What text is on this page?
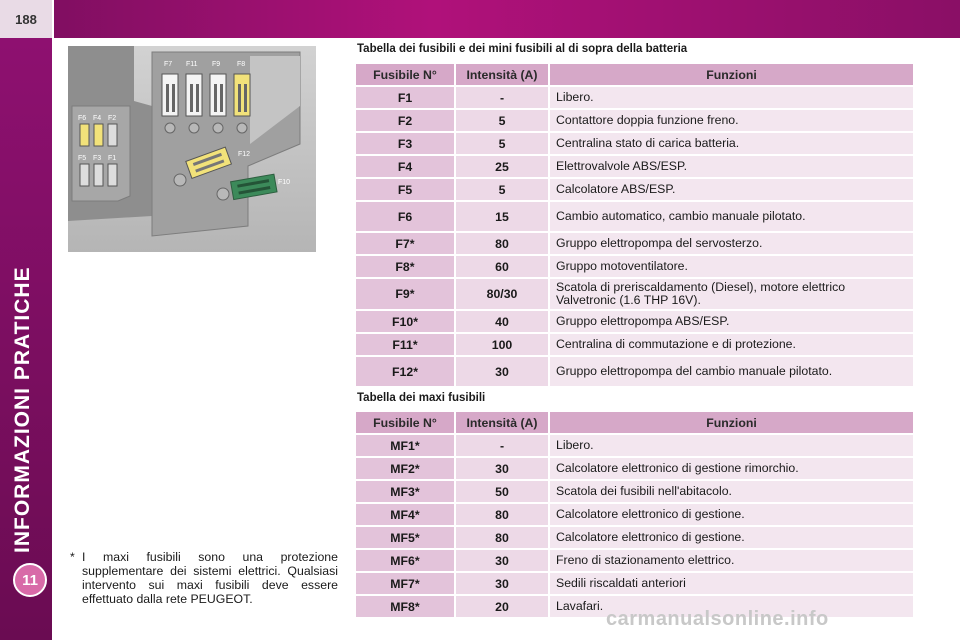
188
INFORMAZIONI PRATICHE
11
F6 F4 F2
F5 F3 F1
F7 F11 F9 F8
F12
F10
* I maxi fusibili sono una protezione supplementare dei sistemi elettrici. Qualsiasi intervento sui maxi fusibili deve essere effettuato dalla rete PEUGEOT.
Tabella dei fusibili e dei mini fusibili al di sopra della batteria
Fusibile N°	Intensità (A)	Funzioni
F1	-	Libero.
F2	5	Contattore doppia funzione freno.
F3	5	Centralina stato di carica batteria.
F4	25	Elettrovalvole ABS/ESP.
F5	5	Calcolatore ABS/ESP.
F6	15	Cambio automatico, cambio manuale pilotato.
F7*	80	Gruppo elettropompa del servosterzo.
F8*	60	Gruppo motoventilatore.
F9*	80/30	Scatola di preriscaldamento (Diesel), motore elettrico Valvetronic (1.6 THP 16V).
F10*	40	Gruppo elettropompa ABS/ESP.
F11*	100	Centralina di commutazione e di protezione.
F12*	30	Gruppo elettropompa del cambio manuale pilotato.
Tabella dei maxi fusibili
Fusibile N°	Intensità (A)	Funzioni
MF1*	-	Libero.
MF2*	30	Calcolatore elettronico di gestione rimorchio.
MF3*	50	Scatola dei fusibili nell'abitacolo.
MF4*	80	Calcolatore elettronico di gestione.
MF5*	80	Calcolatore elettronico di gestione.
MF6*	30	Freno di stazionamento elettrico.
MF7*	30	Sedili riscaldati anteriori
MF8*	20	Lavafari.
carmanualsonline.info
